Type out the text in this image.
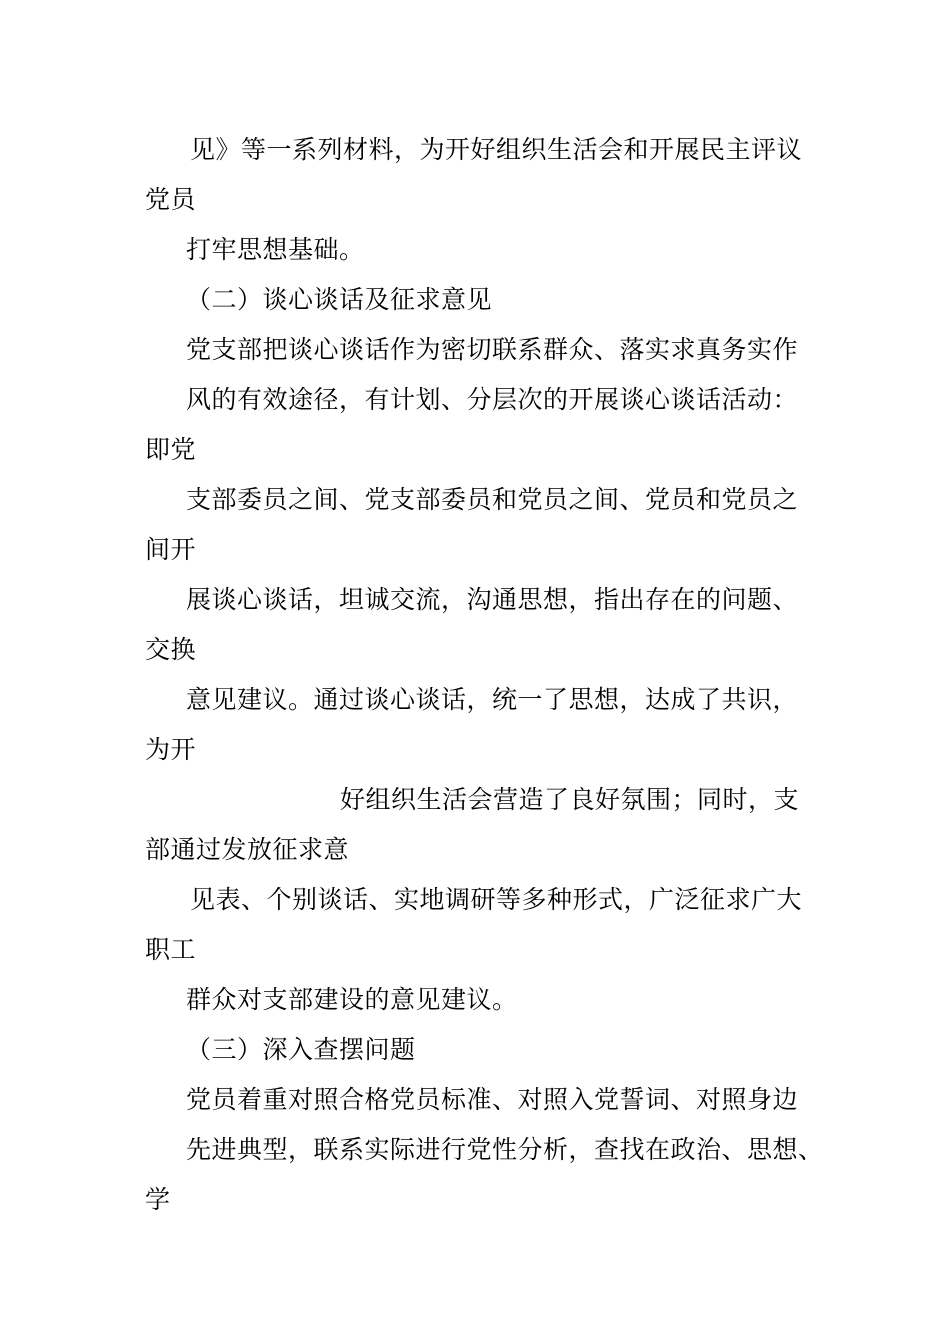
见》等一系列材料，为开好组织生活会和开展民主评议
党员
打牢思想基础。
（二）谈心谈话及征求意见
党支部把谈心谈话作为密切联系群众、落实求真务实作
风的有效途径，有计划、分层次的开展谈心谈话活动：
即党
支部委员之间、党支部委员和党员之间、党员和党员之
间开
展谈心谈话，坦诚交流，沟通思想，指出存在的问题、
交换
意见建议。通过谈心谈话，统一了思想，达成了共识，
为开
好组织生活会营造了良好氛围；同时，支
部通过发放征求意
见表、个别谈话、实地调研等多种形式，广泛征求广大
职工
群众对支部建设的意见建议。
（三）深入查摆问题
党员着重对照合格党员标准、对照入党誓词、对照身边
先进典型，联系实际进行党性分析，查找在政治、思想、
学
